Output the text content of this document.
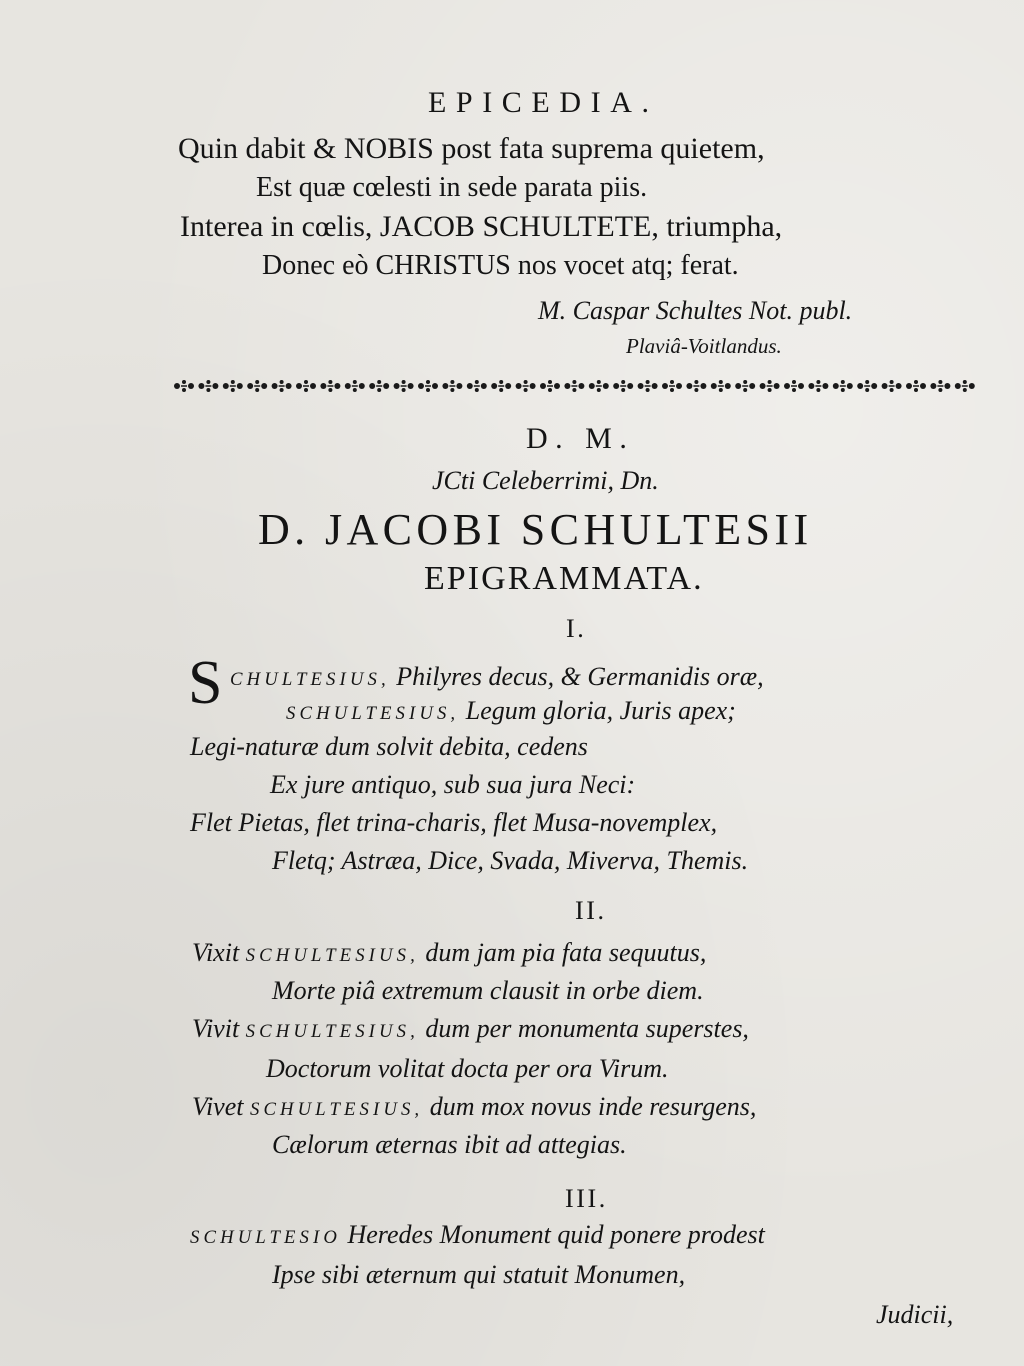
EPICEDIA.
Quin dabit & NOBIS post fata suprema quietem,
Est quæ cœlesti in sede parata piis.
Interea in cœlis, JACOB SCHULTETE, triumpha,
Donec eò CHRISTUS nos vocet atq; ferat.
M. Caspar Schultes Not. publ.
Plaviâ-Voitlandus.
D. M.
JCti Celeberrimi, Dn.
D. JACOBI SCHULTESII
EPIGRAMMATA.
I.
S CHULTESIUS, Philyres decus, & Germanidis oræ,
SCHULTESIUS, Legum gloria, Juris apex;
Legi-naturæ dum solvit debita, cedens
Ex jure antiquo, sub sua jura Neci:
Flet Pietas, flet trina-charis, flet Musa-novemplex,
Fletq; Astræa, Dice, Svada, Miverva, Themis.
II.
Vixit SCHULTESIUS, dum jam pia fata sequutus,
Morte piâ extremum clausit in orbe diem.
Vivit SCHULTESIUS, dum per monumenta superstes,
Doctorum volitat docta per ora Virum.
Vivet SCHULTESIUS, dum mox novus inde resurgens,
Cælorum æternas ibit ad attegias.
III.
SCHULTESIO Heredes Monument quid ponere prodest
Ipse sibi æternum qui statuit Monumen,
Judicii,
